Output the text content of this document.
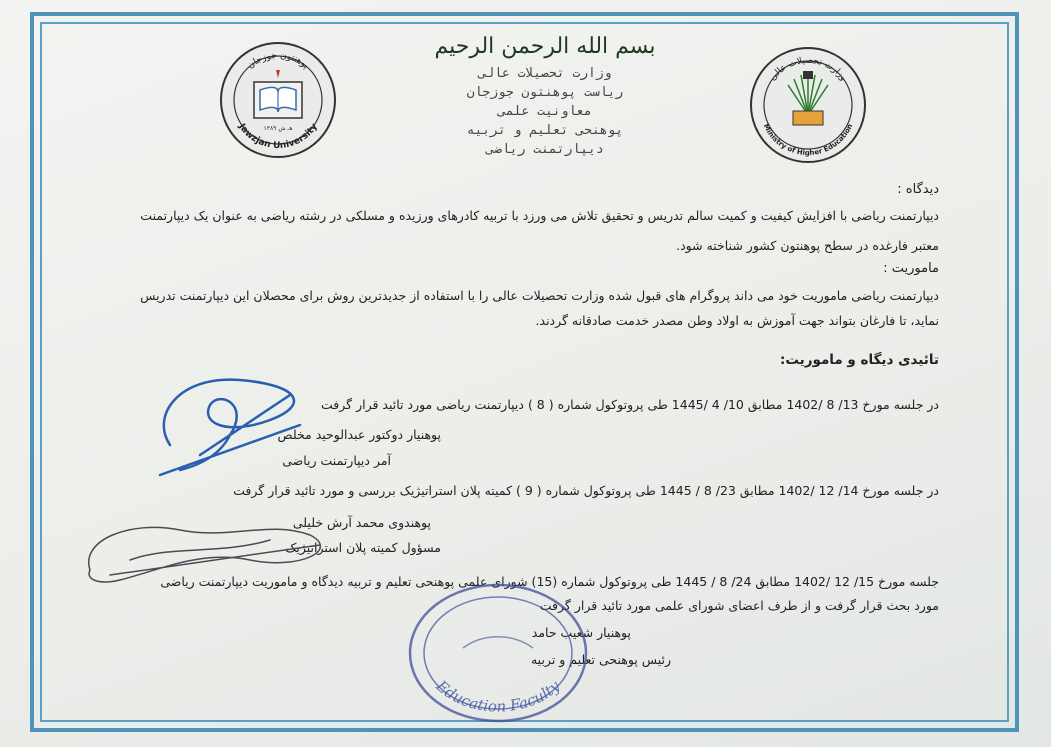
پوهنتون جوزجان
Jawzjan University
۱۳۸۹ هـ ش
وزارت تحصیلات عالی
Ministry of Higher Education
بسم الله الرحمن الرحيم
وزارت تحصیلات عالی
ریاست پوهنتون جوزجان
معاونیت علمی
پوهنحی تعلیم و تربیه
دیپارتمنت ریاضی
دیدگاه :
دیپارتمنت ریاضی با افزایش کیفیت و کمیت سالم تدریس و تحقیق تلاش می ورزد با تربیه کادرهای ورزیده و مسلکی در رشته ریاضی به عنوان یک دیپارتمنت
معتبر فارغده در سطح پوهنتون کشور شناخته شود.
ماموریت :
دیپارتمنت ریاضی ماموریت خود می داند پروگرام های قبول شده وزارت تحصیلات عالی را با استفاده از جدیدترین روش برای محصلان این دیپارتمنت تدریس
نماید، تا فارغان بتواند جهت آموزش به اولاد وطن مصدر خدمت صادقانه گردند.
تائیدی دیگاه و ماموریت:
در جلسه مورخ 13/ 8 /1402 مطابق 10/ 4 /1445 طی پروتوکول شماره ( 8 ) دیپارتمنت ریاضی مورد تائید قرار گرفت
پوهنیار دوکتور عبدالوحید مخلص
آمر دیپارتمنت ریاضی
در جلسه مورخ 14/ 12 /1402 مطابق 23/ 8 / 1445 طی پروتوکول شماره ( 9 ) کمیته پلان استراتیژیک بررسی و مورد تائید قرار گرفت
پوهندوی محمد آرش خلیلی
مسؤول کمیته پلان استراتیژیک
جلسه مورخ 15/ 12 /1402 مطابق 24/ 8 / 1445 طی پروتوکول شماره (15) شورای علمی پوهنحی تعلیم و تربیه دیدگاه و ماموریت دیپارتمنت ریاضی
مورد بحث قرار گرفت و از طرف اعضای شورای علمی مورد تائید قرار گرفت
پوهنیار شعیب حامد
رئیس پوهنحی تعلیم و تربیه
Education Faculty
